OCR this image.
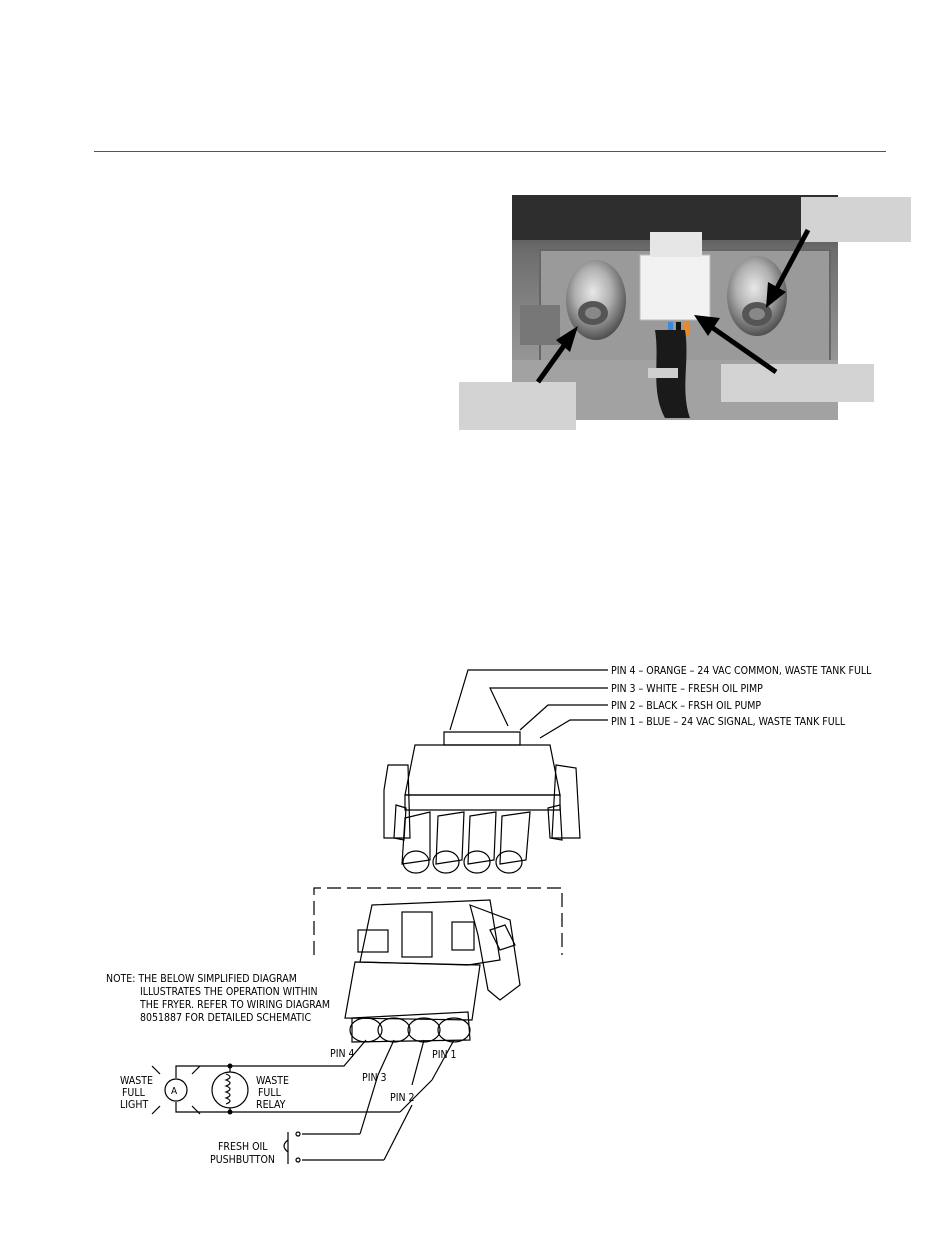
PIN 4 – ORANGE – 24 VAC COMMON, WASTE TANK FULL
PIN 3 – WHITE – FRESH OIL PIMP
PIN 2 – BLACK – FRSH OIL PUMP
PIN 1 – BLUE – 24 VAC SIGNAL, WASTE TANK FULL
NOTE: THE BELOW SIMPLIFIED DIAGRAM
ILLUSTRATES THE OPERATION WITHIN
THE FRYER. REFER TO WIRING DIAGRAM
8051887 FOR DETAILED SCHEMATIC
PIN 4
PIN 3
PIN 2
PIN 1
WASTE
FULL
LIGHT
A
WASTE
FULL
RELAY
FRESH OIL
PUSHBUTTON
